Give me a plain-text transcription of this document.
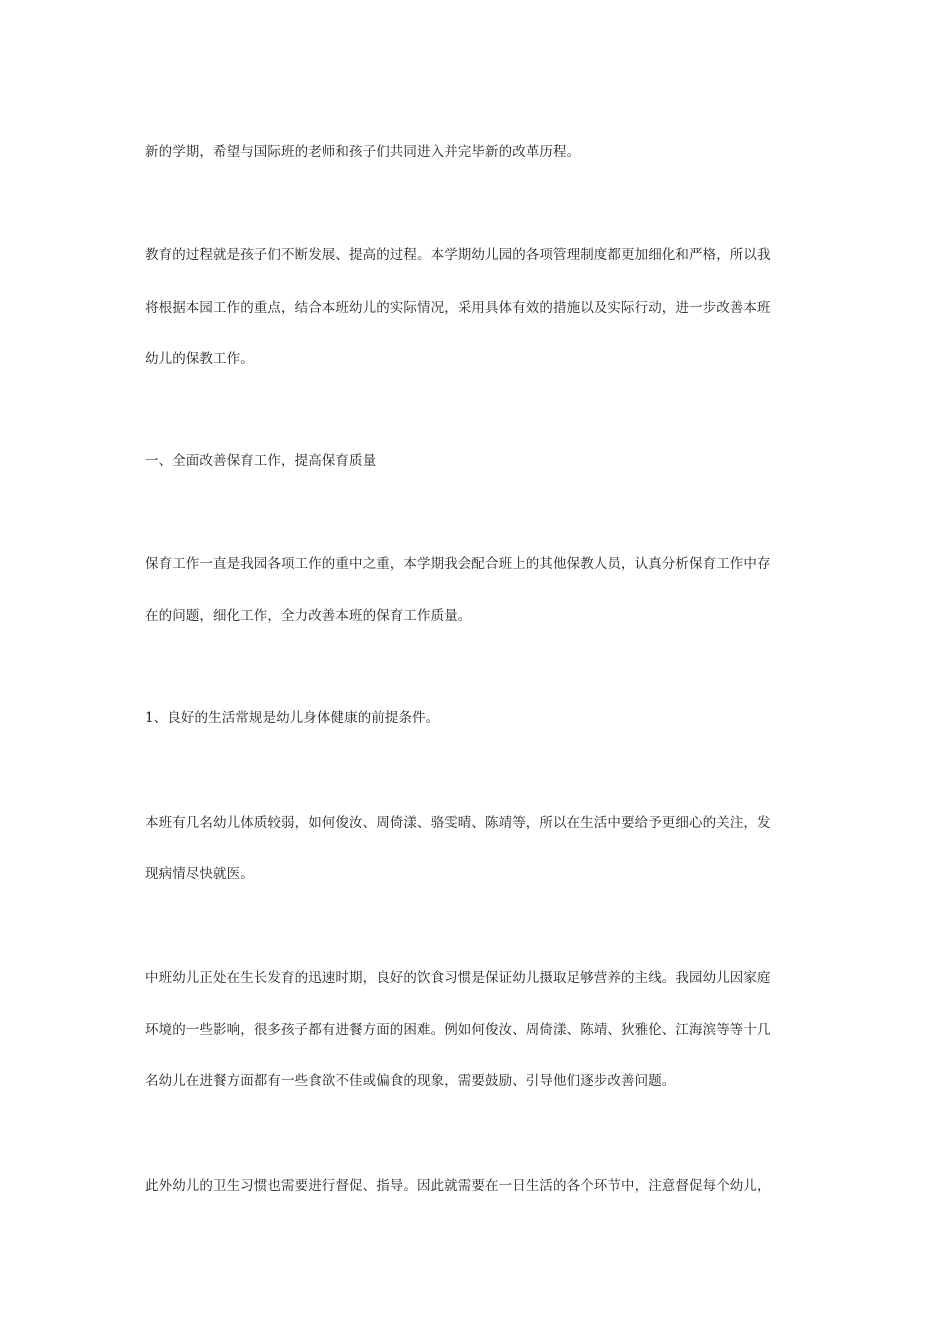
新的学期，希望与国际班的老师和孩子们共同进入并完毕新的改革历程。

教育的过程就是孩子们不断发展、提高的过程。本学期幼儿园的各项管理制度都更加细化和严格，所以我

将根据本园工作的重点，结合本班幼儿的实际情况，采用具体有效的措施以及实际行动，进一步改善本班

幼儿的保教工作。

一、全面改善保育工作，提高保育质量

保育工作一直是我园各项工作的重中之重，本学期我会配合班上的其他保教人员，认真分析保育工作中存

在的问题，细化工作，全力改善本班的保育工作质量。

1、良好的生活常规是幼儿身体健康的前提条件。

本班有几名幼儿体质较弱，如何俊汝、周倚漾、骆雯晴、陈靖等，所以在生活中要给予更细心的关注，发

现病情尽快就医。

中班幼儿正处在生长发育的迅速时期，良好的饮食习惯是保证幼儿摄取足够营养的主线。我园幼儿因家庭

环境的一些影响，很多孩子都有进餐方面的困难。例如何俊汝、周倚漾、陈靖、狄雅伦、江海滨等等十几

名幼儿在进餐方面都有一些食欲不佳或偏食的现象，需要鼓励、引导他们逐步改善问题。

此外幼儿的卫生习惯也需要进行督促、指导。因此就需要在一日生活的各个环节中，注意督促每个幼儿，
